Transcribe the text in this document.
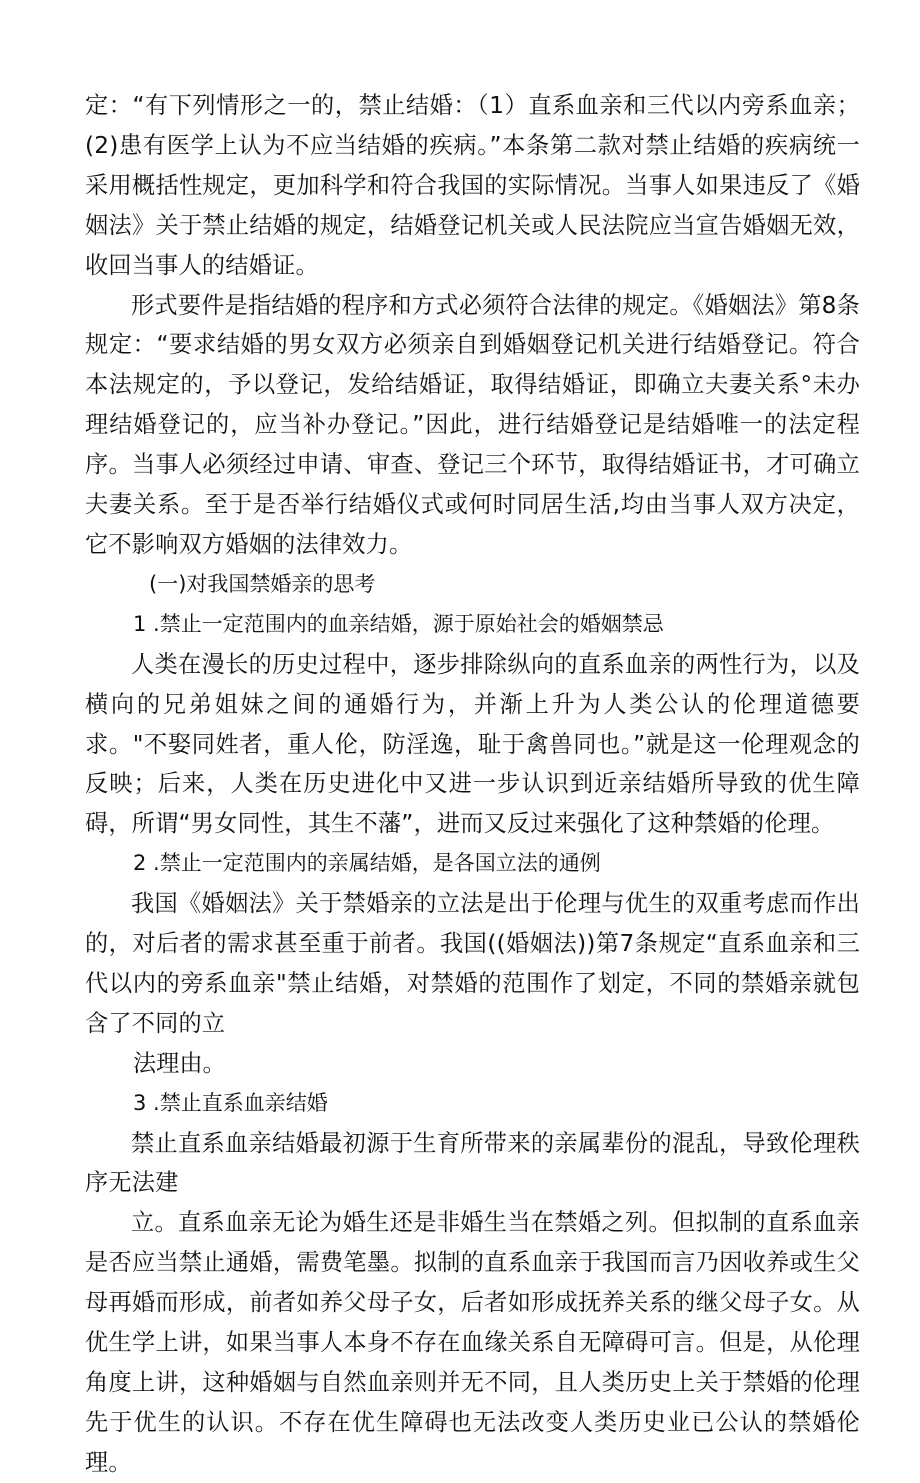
定：“有下列情形之一的，禁止结婚：（1）直系血亲和三代以内旁系血亲；(2)患有医学上认为不应当结婚的疾病。”本条第二款对禁止结婚的疾病统一采用概括性规定，更加科学和符合我国的实际情况。当事人如果违反了《婚姻法》关于禁止结婚的规定，结婚登记机关或人民法院应当宣告婚姻无效，收回当事人的结婚证。

形式要件是指结婚的程序和方式必须符合法律的规定。《婚姻法》第8条规定：“要求结婚的男女双方必须亲自到婚姻登记机关进行结婚登记。符合本法规定的，予以登记，发给结婚证，取得结婚证，即确立夫妻关系°未办理结婚登记的，应当补办登记。”因此，进行结婚登记是结婚唯一的法定程序。当事人必须经过申请、审查、登记三个环节，取得结婚证书，才可确立夫妻关系。至于是否举行结婚仪式或何时同居生活,均由当事人双方决定，它不影响双方婚姻的法律效力。

(一)对我国禁婚亲的思考

1 .禁止一定范围内的血亲结婚，源于原始社会的婚姻禁忌

人类在漫长的历史过程中，逐步排除纵向的直系血亲的两性行为，以及横向的兄弟姐妹之间的通婚行为，并渐上升为人类公认的伦理道德要求。"不娶同姓者，重人伦，防淫逸，耻于禽兽同也。”就是这一伦理观念的反映；后来，人类在历史进化中又进一步认识到近亲结婚所导致的优生障碍，所谓“男女同性，其生不藩”，进而又反过来强化了这种禁婚的伦理。

2 .禁止一定范围内的亲属结婚，是各国立法的通例

我国《婚姻法》关于禁婚亲的立法是出于伦理与优生的双重考虑而作出的，对后者的需求甚至重于前者。我国((婚姻法))第7条规定“直系血亲和三代以内的旁系血亲"禁止结婚，对禁婚的范围作了划定，不同的禁婚亲就包含了不同的立

法理由。

3 .禁止直系血亲结婚

禁止直系血亲结婚最初源于生育所带来的亲属辈份的混乱，导致伦理秩序无法建

立。直系血亲无论为婚生还是非婚生当在禁婚之列。但拟制的直系血亲是否应当禁止通婚，需费笔墨。拟制的直系血亲于我国而言乃因收养或生父母再婚而形成，前者如养父母子女，后者如形成抚养关系的继父母子女。从优生学上讲，如果当事人本身不存在血缘关系自无障碍可言。但是，从伦理角度上讲，这种婚姻与自然血亲则并无不同，且人类历史上关于禁婚的伦理先于优生的认识。不存在优生障碍也无法改变人类历史业已公认的禁婚伦理。
